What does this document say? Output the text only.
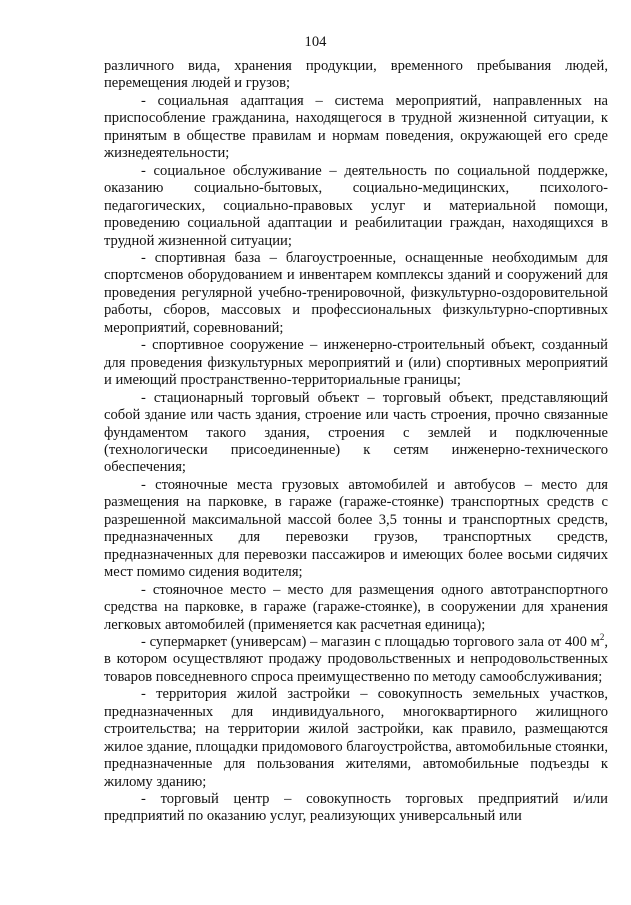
104

различного вида, хранения продукции, временного пребывания людей, перемещения людей и грузов;

- социальная адаптация – система мероприятий, направленных на приспособление гражданина, находящегося в трудной жизненной ситуации, к принятым в обществе правилам и нормам поведения, окружающей его среде жизнедеятельности;

- социальное обслуживание – деятельность по социальной поддержке, оказанию социально-бытовых, социально-медицинских, психолого-педагогических, социально-правовых услуг и материальной помощи, проведению социальной адаптации и реабилитации граждан, находящихся в трудной жизненной ситуации;

- спортивная база – благоустроенные, оснащенные необходимым для спортсменов оборудованием и инвентарем комплексы зданий и сооружений для проведения регулярной учебно-тренировочной, физкультурно-оздоровительной работы, сборов, массовых и профессиональных физкультурно-спортивных мероприятий, соревнований;

- спортивное сооружение – инженерно-строительный объект, созданный для проведения физкультурных мероприятий и (или) спортивных мероприятий и имеющий пространственно-территориальные границы;

- стационарный торговый объект – торговый объект, представляющий собой здание или часть здания, строение или часть строения, прочно связанные фундаментом такого здания, строения с землей и подключенные (технологически присоединенные) к сетям инженерно-технического обеспечения;

- стояночные места грузовых автомобилей и автобусов – место для размещения на парковке, в гараже (гараже-стоянке) транспортных средств с разрешенной максимальной массой более 3,5 тонны и транспортных средств, предназначенных для перевозки грузов, транспортных средств, предназначенных для перевозки пассажиров и имеющих более восьми сидячих мест помимо сидения водителя;

- стояночное место – место для размещения одного автотранспортного средства на парковке, в гараже (гараже-стоянке), в сооружении для хранения легковых автомобилей (применяется как расчетная единица);

- супермаркет (универсам) – магазин с площадью торгового зала от 400 $м^2$, в котором осуществляют продажу продовольственных и непродовольственных товаров повседневного спроса преимущественно по методу самообслуживания;

- территория жилой застройки – совокупность земельных участков, предназначенных для индивидуального, многоквартирного жилищного строительства; на территории жилой застройки, как правило, размещаются жилое здание, площадки придомового благоустройства, автомобильные стоянки, предназначенные для пользования жителями, автомобильные подъезды к жилому зданию;

- торговый центр – совокупность торговых предприятий и/или предприятий по оказанию услуг, реализующих универсальный или
